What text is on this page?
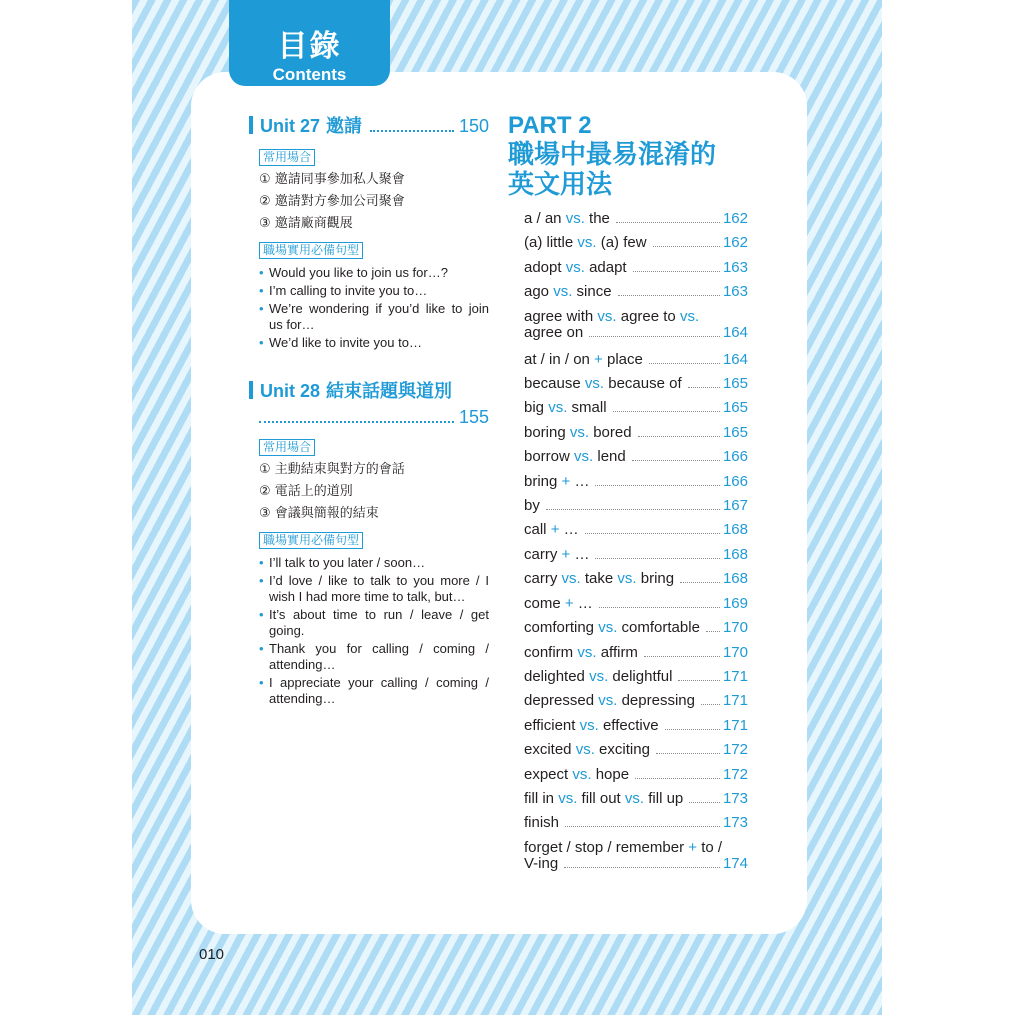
目錄
Contents
Unit 27 邀請	150
常用場合
① 邀請同事參加私人聚會
② 邀請對方參加公司聚會
③ 邀請廠商觀展
職場實用必備句型
• Would you like to join us for…?
• I’m calling to invite you to…
• We’re wondering if you’d like to join us for…
• We’d like to invite you to…
Unit 28 結束話題與道別
155
常用場合
① 主動結束與對方的會話
② 電話上的道別
③ 會議與簡報的結束
職場實用必備句型
• I’ll talk to you later / soon…
• I’d love / like to talk to you more / I wish I had more time to talk, but…
• It’s about time to run / leave / get going.
• Thank you for calling / coming / attending…
• I appreciate your calling / coming / attending…
PART 2
職場中最易混淆的
英文用法
a / an vs. the	162
(a) little vs. (a) few	162
adopt vs. adapt	163
ago vs. since	163
agree with vs. agree to vs.
agree on	164
at / in / on + place	164
because vs. because of	165
big vs. small	165
boring vs. bored	165
borrow vs. lend	166
bring + …	166
by	167
call + …	168
carry + …	168
carry vs. take vs. bring	168
come + …	169
comforting vs. comfortable 170
confirm vs. affirm	170
delighted vs. delightful	171
depressed vs. depressing 171
efficient vs. effective	171
excited vs. exciting	172
expect vs. hope	172
fill in vs. fill out vs. fill up	173
finish	173
forget / stop / remember + to /
V-ing	174
010
